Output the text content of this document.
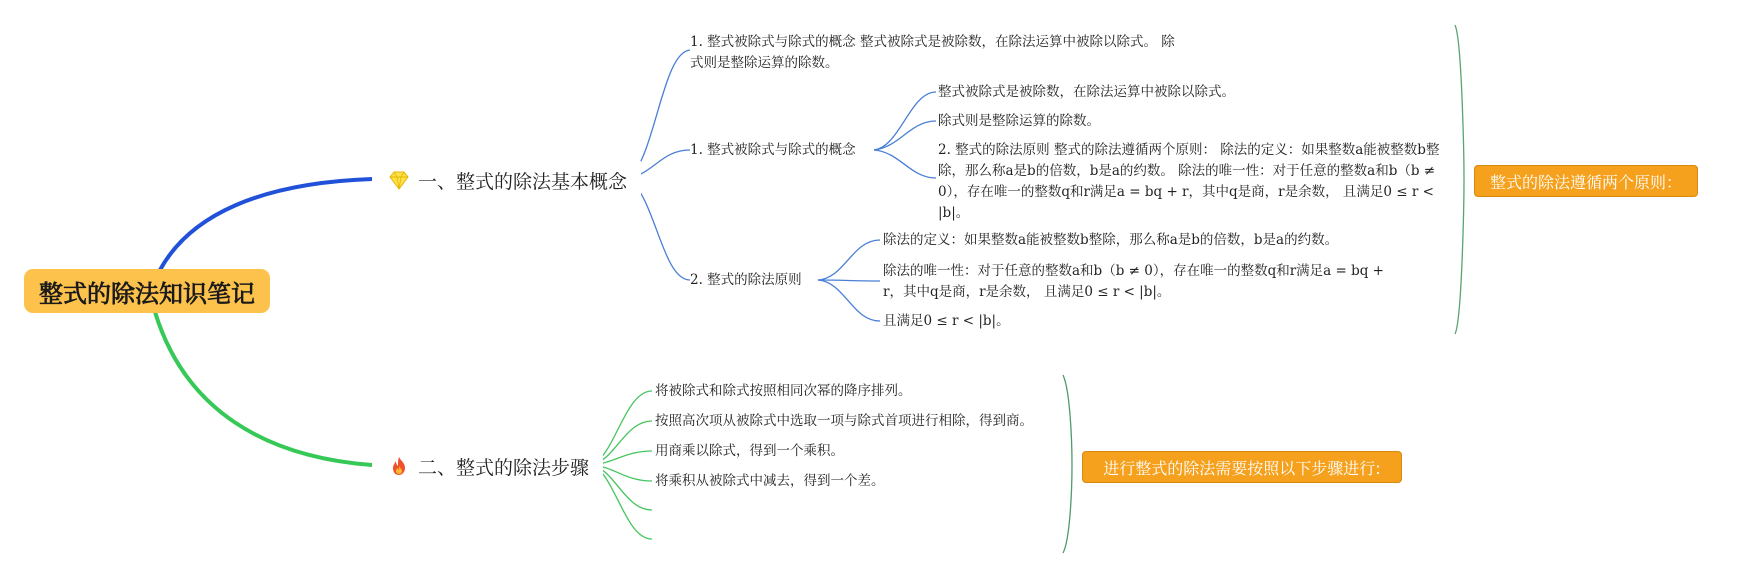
整式的除法知识笔记
一、整式的除法基本概念
1. 整式被除式与除式的概念 整式被除式是被除数，在除法运算中被除以除式。 除
式则是整除运算的除数。
1. 整式被除式与除式的概念
整式被除式是被除数，在除法运算中被除以除式。
除式则是整除运算的除数。
2. 整式的除法原则 整式的除法遵循两个原则： 除法的定义：如果整数a能被整数b整除，那么称a是b的倍数，b是a的约数。 除法的唯一性：对于任意的整数a和b（b ≠ 0），存在唯一的整数q和r满足a = bq + r，其中q是商，r是余数， 且满足0 ≤ r < |b|。
2. 整式的除法原则
除法的定义：如果整数a能被整数b整除，那么称a是b的倍数，b是a的约数。
除法的唯一性：对于任意的整数a和b（b ≠ 0），存在唯一的整数q和r满足a = bq + r，其中q是商，r是余数， 且满足0 ≤ r < |b|。
且满足0 ≤ r < |b|。
整式的除法遵循两个原则：
二、整式的除法步骤
将被除式和除式按照相同次幂的降序排列。
按照高次项从被除式中选取一项与除式首项进行相除，得到商。
用商乘以除式，得到一个乘积。
将乘积从被除式中减去，得到一个差。
进行整式的除法需要按照以下步骤进行:
